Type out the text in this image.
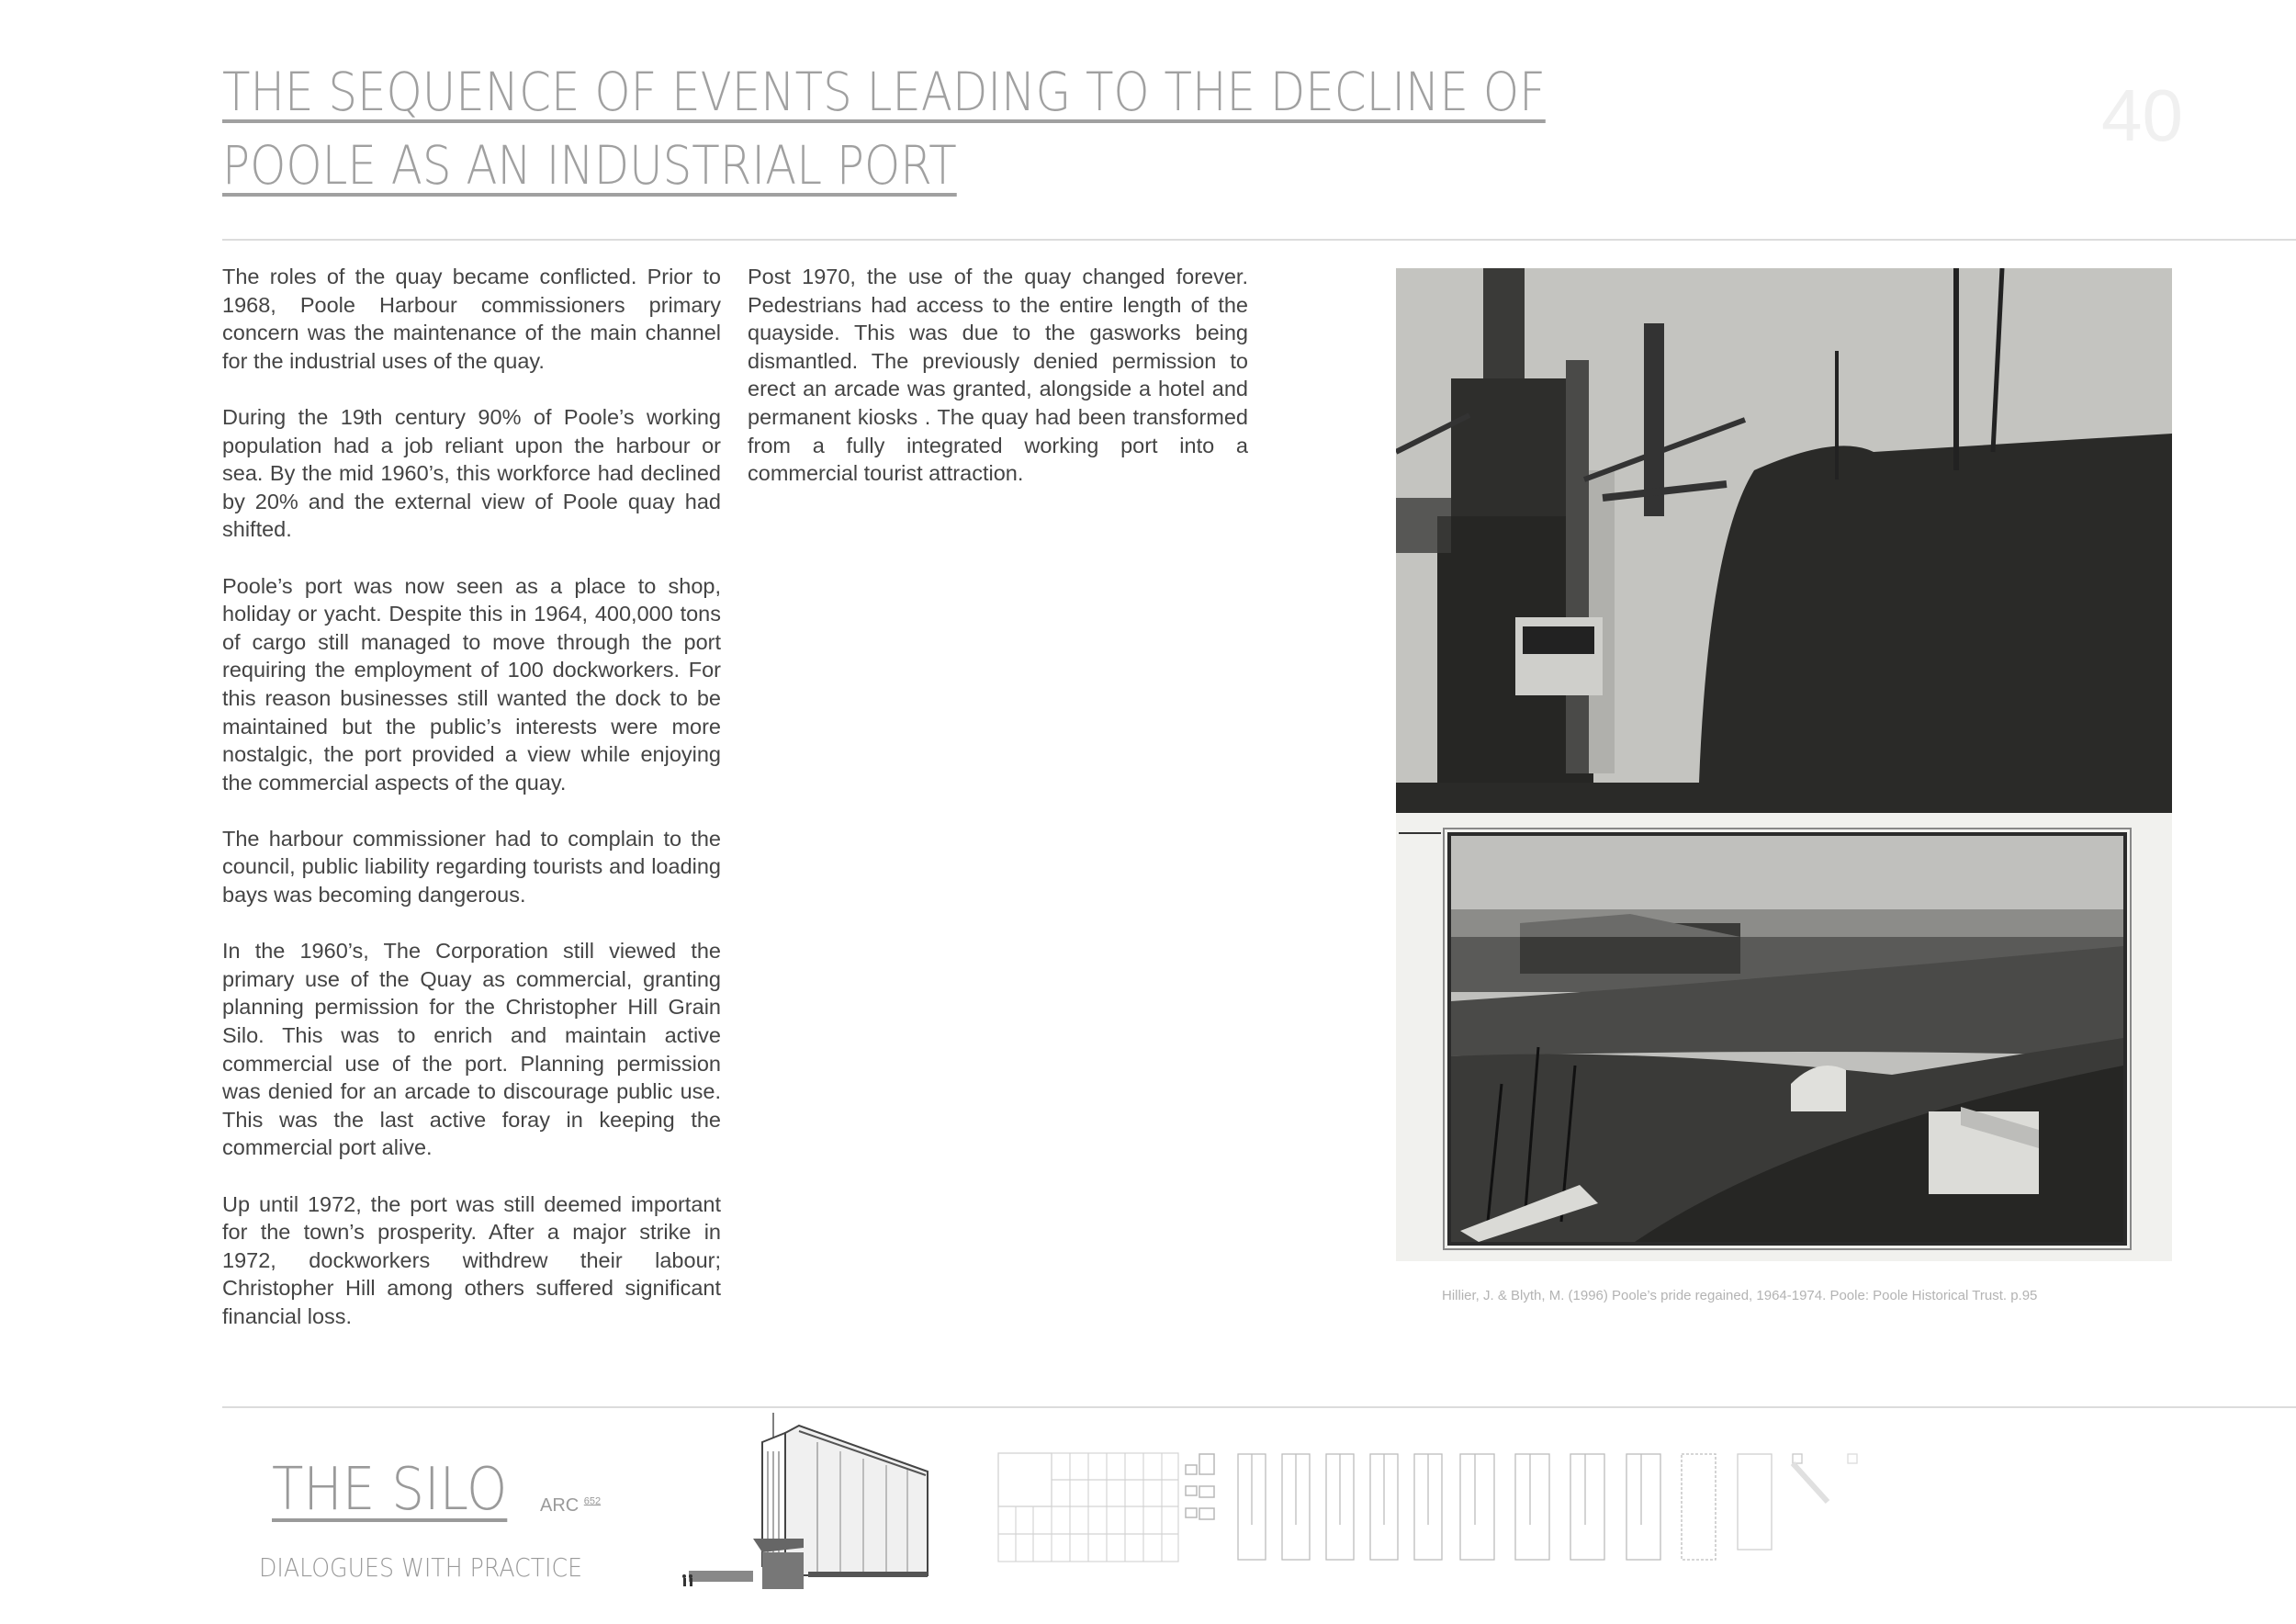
THE SEQUENCE OF EVENTS LEADING TO THE DECLINE OF
POOLE AS AN INDUSTRIAL PORT
40

The roles of the quay became conflicted. Prior to 1968, Poole Harbour commissioners primary concern was the maintenance of the main channel for the industrial uses of the quay.

During the 19th century 90% of Poole’s working population had a job reliant upon the harbour or sea. By the mid 1960’s, this workforce had declined by 20% and the external view of Poole quay had shifted.

Poole’s port was now seen as a place to shop, holiday or yacht. Despite this in 1964, 400,000 tons of cargo still managed to move through the port requiring the employment of 100 dockworkers. For this reason businesses still wanted the dock to be maintained but the public’s interests were more nostalgic, the port provided a view while enjoying the commercial aspects of the quay.

The harbour commissioner had to complain to the council, public liability regarding tourists and loading bays was becoming dangerous.

In the 1960’s, The Corporation still viewed the primary use of the Quay as commercial, granting planning permission for the Christopher Hill Grain Silo. This was to enrich and maintain active commercial use of the port. Planning permission was denied for an arcade to discourage public use. This was the last active foray in keeping the commercial port alive.

Up until 1972, the port was still deemed important for the town’s prosperity. After a major strike in 1972, dockworkers withdrew their labour; Christopher Hill among others suffered significant financial loss.

Post 1970, the use of the quay changed forever. Pedestrians had access to the entire length of the quayside. This was due to the gasworks being dismantled. The previously denied permission to erect an arcade was granted, alongside a hotel and permanent kiosks . The quay had been transformed from a fully integrated working port into a commercial tourist attraction.

Hillier, J. & Blyth, M. (1996) Poole’s pride regained, 1964-1974. Poole: Poole Historical Trust. p.95
THE SILO ARC $^{652}$
DIALOGUES WITH PRACTICE
